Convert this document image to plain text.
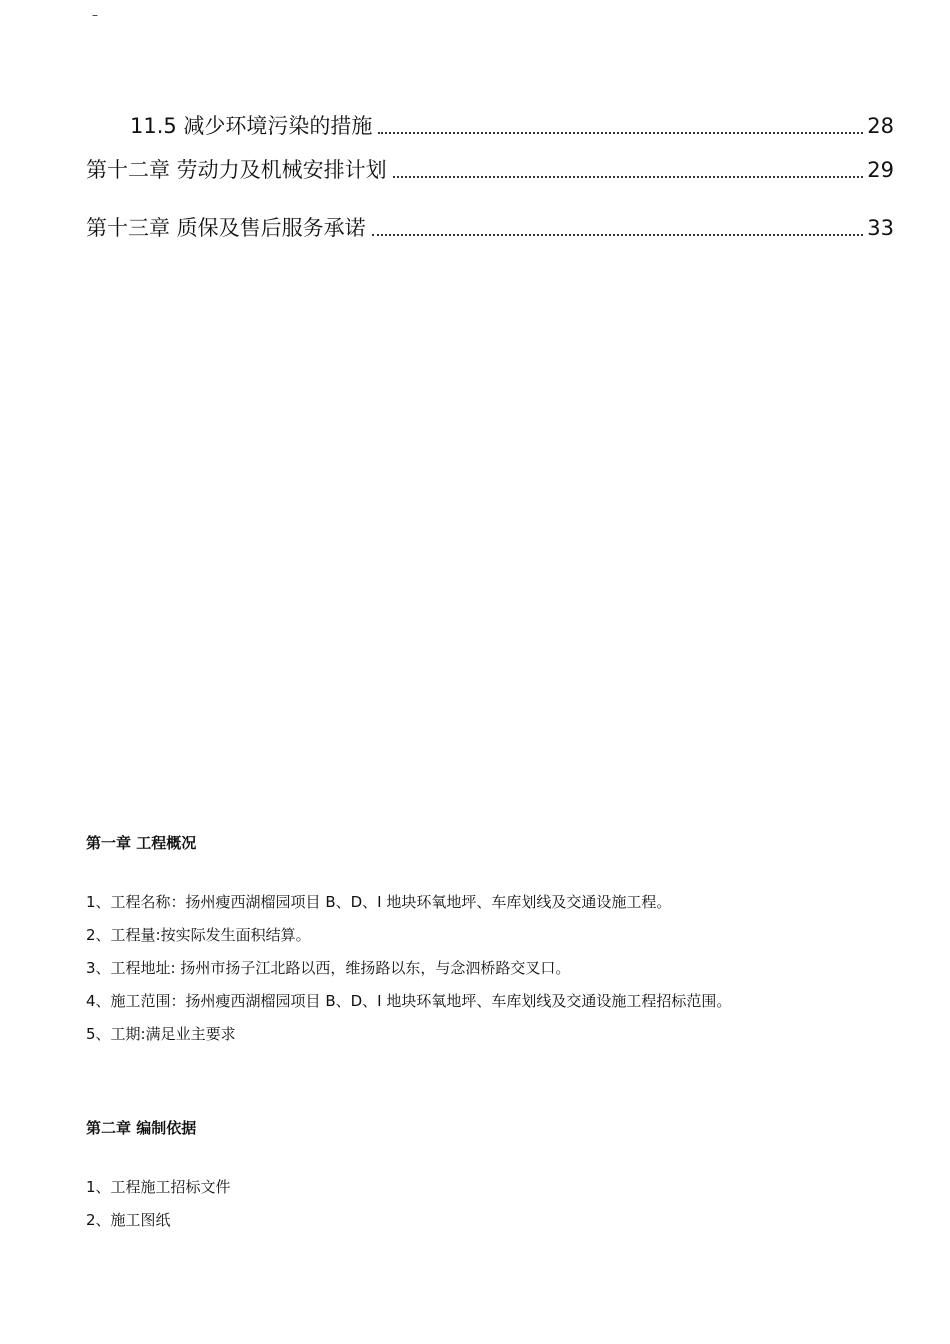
–
11.5 减少环境污染的措施	28
第十二章 劳动力及机械安排计划	29
第十三章 质保及售后服务承诺	33
第一章 工程概况
1、工程名称：扬州瘦西湖榴园项目 B、D、I 地块环氧地坪、车库划线及交通设施工程。
2、工程量:按实际发生面积结算。
3、工程地址: 扬州市扬子江北路以西，维扬路以东，与念泗桥路交叉口。
4、施工范围：扬州瘦西湖榴园项目 B、D、I 地块环氧地坪、车库划线及交通设施工程招标范围。
5、工期:满足业主要求
第二章 编制依据
1、工程施工招标文件
2、施工图纸
